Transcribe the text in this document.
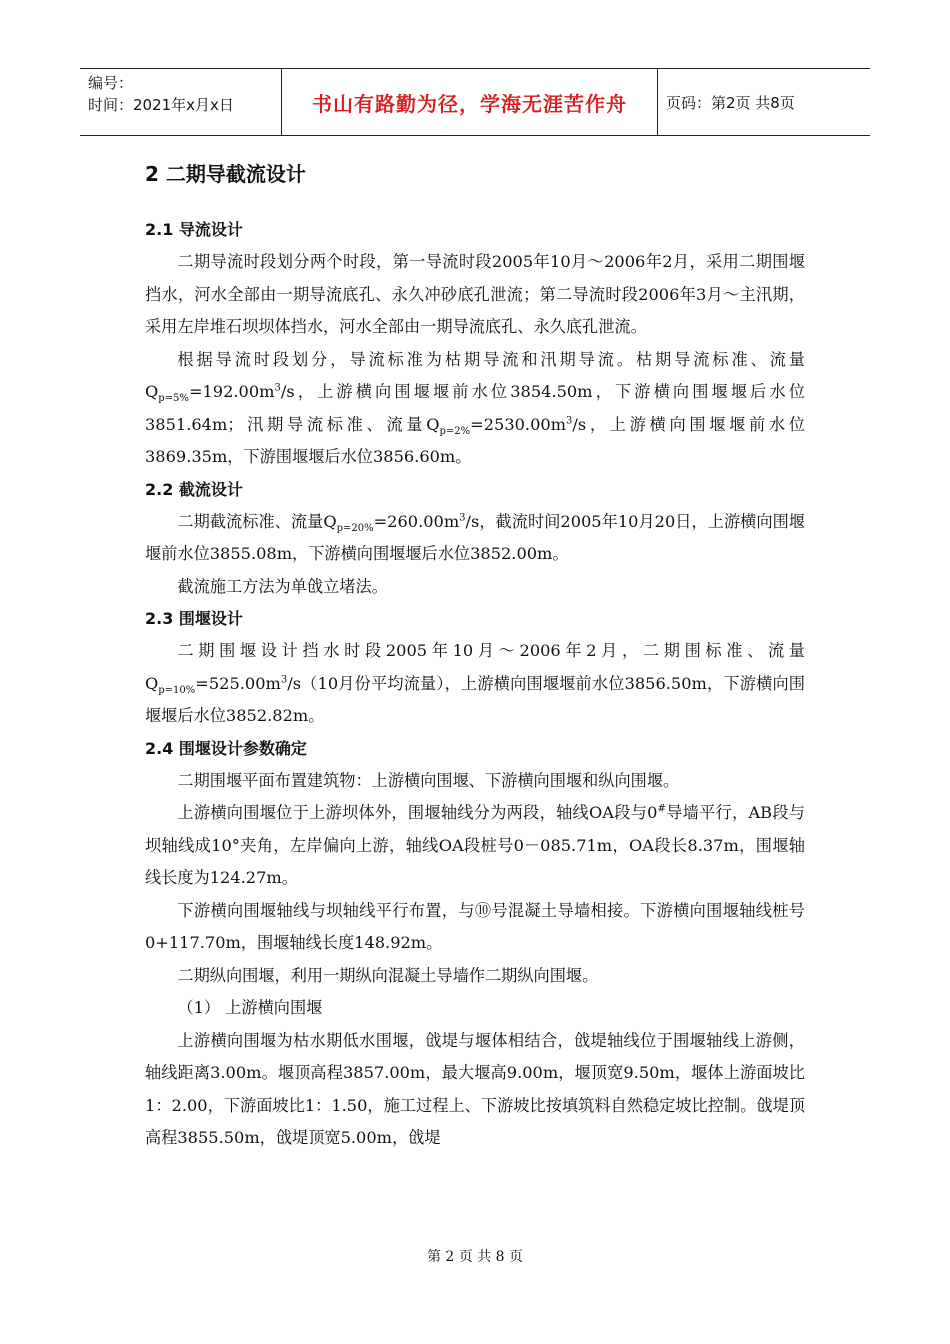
编号：
时间：2021年x月x日	书山有路勤为径，学海无涯苦作舟	页码：第2页 共8页
2 二期导截流设计
2.1 导流设计

二期导流时段划分两个时段，第一导流时段2005年10月～2006年2月，采用二期围堰挡水，河水全部由一期导流底孔、永久冲砂底孔泄流；第二导流时段2006年3月～主汛期，采用左岸堆石坝坝体挡水，河水全部由一期导流底孔、永久底孔泄流。

根据导流时段划分，导流标准为枯期导流和汛期导流。枯期导流标准、流量$Q_{p=5\%}=192.00m^3/s$，上游横向围堰堰前水位3854.50m，下游横向围堰堰后水位3851.64m；汛期导流标准、流量$Q_{p=2\%}=2530.00m^3/s$，上游横向围堰堰前水位3869.35m，下游围堰堰后水位3856.60m。

2.2 截流设计

二期截流标准、流量$Q_{p=20\%}=260.00m^3/s$，截流时间2005年10月20日，上游横向围堰堰前水位3855.08m，下游横向围堰堰后水位3852.00m。

截流施工方法为单戗立堵法。

2.3 围堰设计

二期围堰设计挡水时段2005年10月～2006年2月，二期围标准、流量$Q_{p=10\%}=525.00m^3/s(10$月份平均流量），上游横向围堰堰前水位3856.50m，下游横向围堰堰后水位3852.82m。

2.4 围堰设计参数确定

二期围堰平面布置建筑物：上游横向围堰、下游横向围堰和纵向围堰。

上游横向围堰位于上游坝体外，围堰轴线分为两段，轴线OA段与0#导墙平行，AB段与坝轴线成10°夹角，左岸偏向上游，轴线OA段桩号0－085.71m，OA段长8.37m，围堰轴线长度为124.27m。

下游横向围堰轴线与坝轴线平行布置，与⑩号混凝土导墙相接。下游横向围堰轴线桩号0+117.70m，围堰轴线长度148.92m。

二期纵向围堰，利用一期纵向混凝土导墙作二期纵向围堰。

（1） 上游横向围堰

上游横向围堰为枯水期低水围堰，戗堤与堰体相结合，戗堤轴线位于围堰轴线上游侧，轴线距离3.00m。堰顶高程3857.00m，最大堰高9.00m，堰顶宽9.50m，堰体上游面坡比1：2.00，下游面坡比1：1.50，施工过程上、下游坡比按填筑料自然稳定坡比控制。戗堤顶高程3855.50m，戗堤顶宽5.00m，戗堤

第 2 页 共 8 页
